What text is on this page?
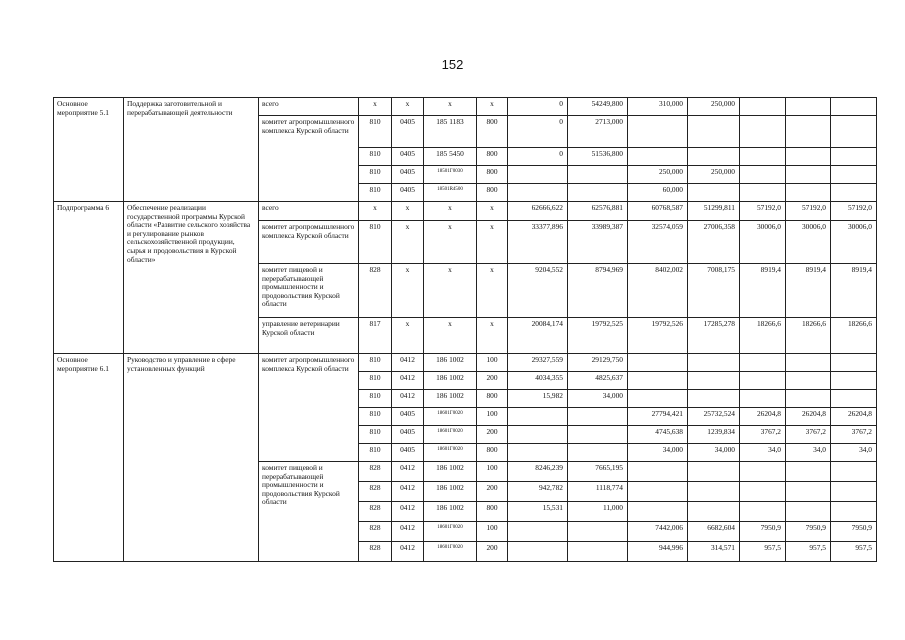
152
Основное мероприятие 5.1	Поддержка заготовительной и перерабатывающей деятельности	всего	х	х	х	х	0	54249,800	310,000	250,000			
		комитет агропромышленного комплекса Курской области	810	0405	185 1183	800	0	2713,000					
			810	0405	185 5450	800	0	51536,800					
			810	0405	18501Г0030	800			250,000	250,000			
			810	0405	18501R4500	800			60,000				
Подпрограмма 6	Обеспечение реализации государственной программы Курской области «Развитие сельского хозяйства и регулирование рынков сельскохозяйственной продукции, сырья и продовольствия в Курской области»	всего	х	х	х	х	62666,622	62576,881	60768,587	51299,811	57192,0	57192,0	57192,0
		комитет агропромышленного комплекса Курской области	810	х	х	х	33377,896	33989,387	32574,059	27006,358	30006,0	30006,0	30006,0
		комитет пищевой и перерабатывающей промышленности и продовольствия Курской области	828	х	х	х	9204,552	8794,969	8402,002	7008,175	8919,4	8919,4	8919,4
		управление ветеринарии Курской области	817	х	х	х	20084,174	19792,525	19792,526	17285,278	18266,6	18266,6	18266,6
Основное мероприятие 6.1	Руководство и управление в сфере установленных функций	комитет агропромышленного комплекса Курской области	810	0412	186 1002	100	29327,559	29129,750					
			810	0412	186 1002	200	4034,355	4825,637					
			810	0412	186 1002	800	15,982	34,000					
			810	0405	18601Г0020	100			27794,421	25732,524	26204,8	26204,8	26204,8
			810	0405	18601Г0020	200			4745,638	1239,834	3767,2	3767,2	3767,2
			810	0405	18601Г0020	800			34,000	34,000	34,0	34,0	34,0
		комитет пищевой и перерабатывающей промышленности и продовольствия Курской области	828	0412	186 1002	100	8246,239	7665,195					
			828	0412	186 1002	200	942,782	1118,774					
			828	0412	186 1002	800	15,531	11,000					
			828	0412	18601Г0020	100			7442,006	6682,604	7950,9	7950,9	7950,9
			828	0412	18601Г0020	200			944,996	314,571	957,5	957,5	957,5
